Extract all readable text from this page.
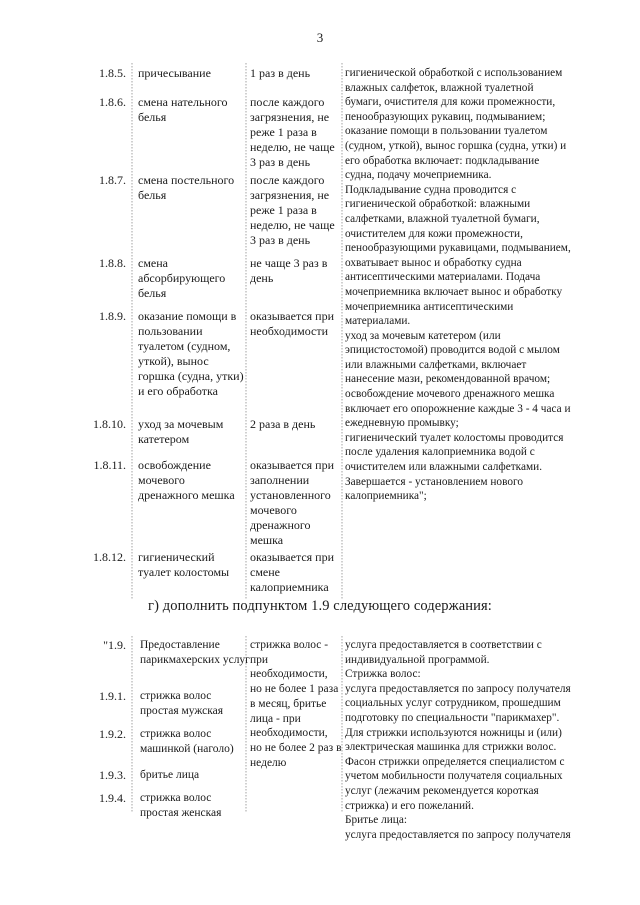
3
1.8.5. причесывание	1 раз в день
1.8.6. смена нательного белья
после каждого загрязнения, не реже 1 раза в неделю, не чаще 3 раз в день
1.8.7. смена постельного белья
после каждого загрязнения, не реже 1 раза в неделю, не чаще 3 раз в день
1.8.8. смена абсорбирующего белья
не чаще 3 раз в день
1.8.9. оказание помощи в пользовании туалетом (судном, уткой), вынос горшка (судна, утки) и его обработка
оказывается при необходимости
1.8.10. уход за мочевым катетером
2 раза в день
1.8.11. освобождение мочевого дренажного мешка
оказывается при заполнении установленного мочевого дренажного мешка
1.8.12. гигиенический туалет колостомы
оказывается при смене калоприемника
гигиенической обработкой с использованием
влажных салфеток, влажной туалетной
бумаги, очистителя для кожи промежности,
пенообразующих рукавиц, подмыванием;
оказание помощи в пользовании туалетом
(судном, уткой), вынос горшка (судна, утки) и
его обработка включает: подкладывание
судна, подачу мочеприемника.
Подкладывание судна проводится с
гигиенической обработкой: влажными
салфетками, влажной туалетной бумаги,
очистителем для кожи промежности,
пенообразующими рукавицами, подмыванием,
охватывает вынос и обработку судна
антисептическими материалами. Подача
мочеприемника включает вынос и обработку
мочеприемника антисептическими
материалами.
уход за мочевым катетером (или
эпицистостомой) проводится водой с мылом
или влажными салфетками, включает
нанесение мази, рекомендованной врачом;
освобождение мочевого дренажного мешка
включает его опорожнение каждые 3 - 4 часа и
ежедневную промывку;
гигиенический туалет колостомы проводится
после удаления калоприемника водой с
очистителем или влажными салфетками.
Завершается - установлением нового
калоприемника";
г) дополнить подпунктом 1.9 следующего содержания:
"1.9. Предоставление парикмахерских услуг
1.9.1. стрижка волос простая мужская
1.9.2. стрижка волос машинкой (наголо)
1.9.3. бритье лица
1.9.4. стрижка волос простая женская
стрижка волос - при необходимости, но не более 1 раза в месяц, бритье лица - при необходимости, но не более 2 раз в неделю
услуга предоставляется в соответствии с
индивидуальной программой.
Стрижка волос:
услуга предоставляется по запросу получателя
социальных услуг сотрудником, прошедшим
подготовку по специальности "парикмахер".
Для стрижки используются ножницы и (или)
электрическая машинка для стрижки волос.
Фасон стрижки определяется специалистом с
учетом мобильности получателя социальных
услуг (лежачим рекомендуется короткая
стрижка) и его пожеланий.
Бритье лица:
услуга предоставляется по запросу получателя
